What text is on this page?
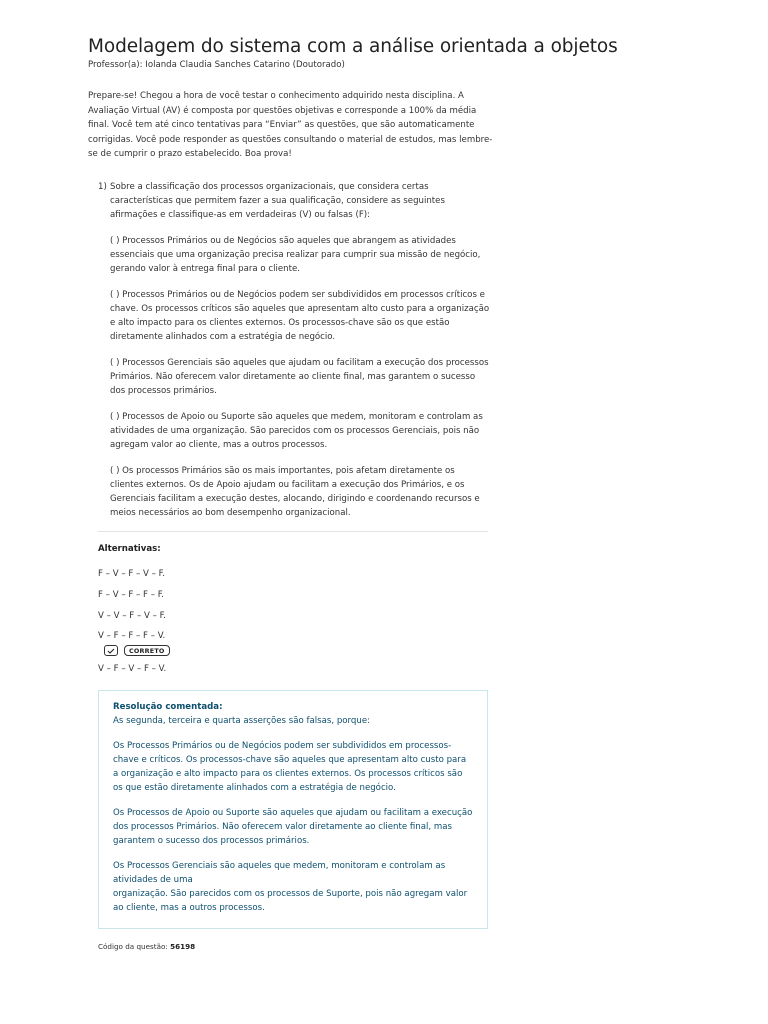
Modelagem do sistema com a análise orientada a objetos
Professor(a): Iolanda Claudia Sanches Catarino (Doutorado)

Prepare-se! Chegou a hora de você testar o conhecimento adquirido nesta disciplina. A Avaliação Virtual (AV) é composta por questões objetivas e corresponde a 100% da média final. Você tem até cinco tentativas para “Enviar” as questões, que são automaticamente corrigidas. Você pode responder as questões consultando o material de estudos, mas lembre-se de cumprir o prazo estabelecido. Boa prova!

1) Sobre a classificação dos processos organizacionais, que considera certas características que permitem fazer a sua qualificação, considere as seguintes afirmações e classifique-as em verdadeiras (V) ou falsas (F):
( ) Processos Primários ou de Negócios são aqueles que abrangem as atividades essenciais que uma organização precisa realizar para cumprir sua missão de negócio, gerando valor à entrega final para o cliente.
( ) Processos Primários ou de Negócios podem ser subdivididos em processos críticos e chave. Os processos críticos são aqueles que apresentam alto custo para a organização e alto impacto para os clientes externos. Os processos-chave são os que estão diretamente alinhados com a estratégia de negócio.
( ) Processos Gerenciais são aqueles que ajudam ou facilitam a execução dos processos Primários. Não oferecem valor diretamente ao cliente final, mas garantem o sucesso dos processos primários.
( ) Processos de Apoio ou Suporte são aqueles que medem, monitoram e controlam as atividades de uma organização. São parecidos com os processos Gerenciais, pois não agregam valor ao cliente, mas a outros processos.
( ) Os processos Primários são os mais importantes, pois afetam diretamente os clientes externos. Os de Apoio ajudam ou facilitam a execução dos Primários, e os Gerenciais facilitam a execução destes, alocando, dirigindo e coordenando recursos e meios necessários ao bom desempenho organizacional.
Alternativas:
F – V – F – V – F.
F – V – F – F – F.
V – V – F – V – F.
V – F – F – F – V.
CORRETO
V – F – V – F – V.
Resolução comentada:

As segunda, terceira e quarta asserções são falsas, porque:

Os Processos Primários ou de Negócios podem ser subdivididos em processos-chave e críticos. Os processos-chave são aqueles que apresentam alto custo para a organização e alto impacto para os clientes externos. Os processos críticos são os que estão diretamente alinhados com a estratégia de negócio.

Os Processos de Apoio ou Suporte são aqueles que ajudam ou facilitam a execução dos processos Primários. Não oferecem valor diretamente ao cliente final, mas garantem o sucesso dos processos primários.

Os Processos Gerenciais são aqueles que medem, monitoram e controlam as atividades de uma

organização. São parecidos com os processos de Suporte, pois não agregam valor ao cliente, mas a outros processos.

Código da questão: 56198
